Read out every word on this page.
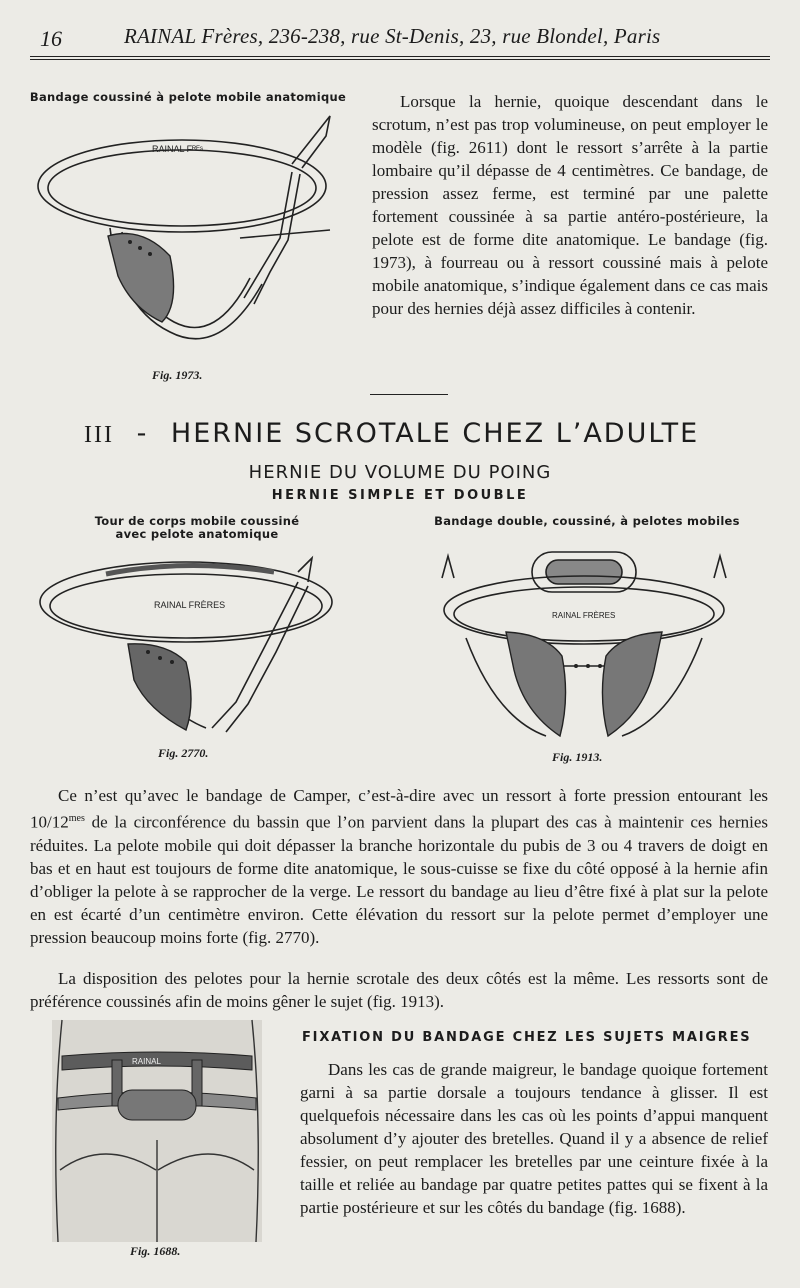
16	RAINAL Frères, 236-238, rue St-Denis, 23, rue Blondel, Paris
Bandage coussiné à pelote mobile anatomique
RAINAL Fᴿᴱˢ
Fig. 1973.

Lorsque la hernie, quoique descendant dans le scrotum, n’est pas trop volumineuse, on peut employer le modèle (fig. 2611) dont le ressort s’arrête à la partie lombaire qu’il dépasse de 4 centimètres. Ce bandage, de pression assez ferme, est terminé par une palette fortement coussinée à sa partie antéro-postérieure, la pelote est de forme dite anatomique. Le bandage (fig. 1973), à fourreau ou à ressort coussiné mais à pelote mobile anatomique, s’indique également dans ce cas mais pour des hernies déjà assez difficiles à contenir.

III - HERNIE SCROTALE CHEZ L’ADULTE
HERNIE DU VOLUME DU POING
HERNIE SIMPLE ET DOUBLE
Tour de corps mobile coussiné
avec pelote anatomique
RAINAL FRÈRES
Fig. 2770.
Bandage double, coussiné, à pelotes mobiles
RAINAL FRÈRES
Fig. 1913.

Ce n’est qu’avec le bandage de Camper, c’est-à-dire avec un ressort à forte pression entourant les $10/12^{mes}$ de la circonférence du bassin que l’on parvient dans la plupart des cas à maintenir ces hernies réduites. La pelote mobile qui doit dépasser la branche horizontale du pubis de 3 ou 4 travers de doigt en bas et en haut est toujours de forme dite anatomique, le sous-cuisse se fixe du côté opposé à la hernie afin d’obliger la pelote à se rapprocher de la verge. Le ressort du bandage au lieu d’être fixé à plat sur la pelote en est écarté d’un centimètre environ. Cette élévation du ressort sur la pelote permet d’employer une pression beaucoup moins forte (fig. 2770).

La disposition des pelotes pour la hernie scrotale des deux côtés est la même. Les ressorts sont de préférence coussinés afin de moins gêner le sujet (fig. 1913).

RAINAL
Fig. 1688.
FIXATION DU BANDAGE CHEZ LES SUJETS MAIGRES

Dans les cas de grande maigreur, le bandage quoique fortement garni à sa partie dorsale a toujours tendance à glisser. Il est quelquefois nécessaire dans les cas où les points d’appui manquent absolument d’y ajouter des bretelles. Quand il y a absence de relief fessier, on peut remplacer les bretelles par une ceinture fixée à la taille et reliée au bandage par quatre petites pattes qui se fixent à la partie postérieure et sur les côtés du bandage (fig. 1688).
